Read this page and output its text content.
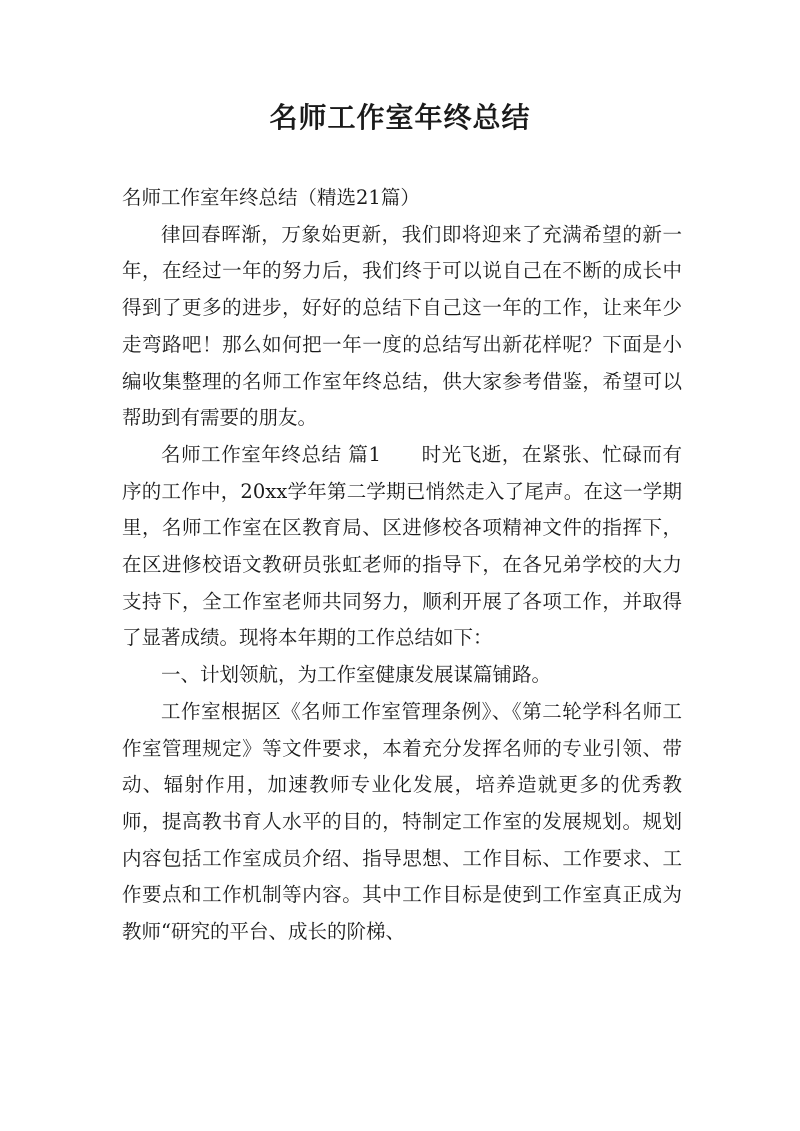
名师工作室年终总结

名师工作室年终总结（精选21篇）

律回春晖渐，万象始更新，我们即将迎来了充满希望的新一年，在经过一年的努力后，我们终于可以说自己在不断的成长中得到了更多的进步，好好的总结下自己这一年的工作，让来年少走弯路吧！那么如何把一年一度的总结写出新花样呢？下面是小编收集整理的名师工作室年终总结，供大家参考借鉴，希望可以帮助到有需要的朋友。

名师工作室年终总结 篇1　　时光飞逝，在紧张、忙碌而有序的工作中，20xx学年第二学期已悄然走入了尾声。在这一学期里，名师工作室在区教育局、区进修校各项精神文件的指挥下，在区进修校语文教研员张虹老师的指导下，在各兄弟学校的大力支持下，全工作室老师共同努力，顺利开展了各项工作，并取得了显著成绩。现将本年期的工作总结如下：

一、计划领航，为工作室健康发展谋篇铺路。

工作室根据区《名师工作室管理条例》、《第二轮学科名师工作室管理规定》等文件要求，本着充分发挥名师的专业引领、带动、辐射作用，加速教师专业化发展，培养造就更多的优秀教师，提高教书育人水平的目的，特制定工作室的发展规划。规划内容包括工作室成员介绍、指导思想、工作目标、工作要求、工作要点和工作机制等内容。其中工作目标是使到工作室真正成为教师“研究的平台、成长的阶梯、
